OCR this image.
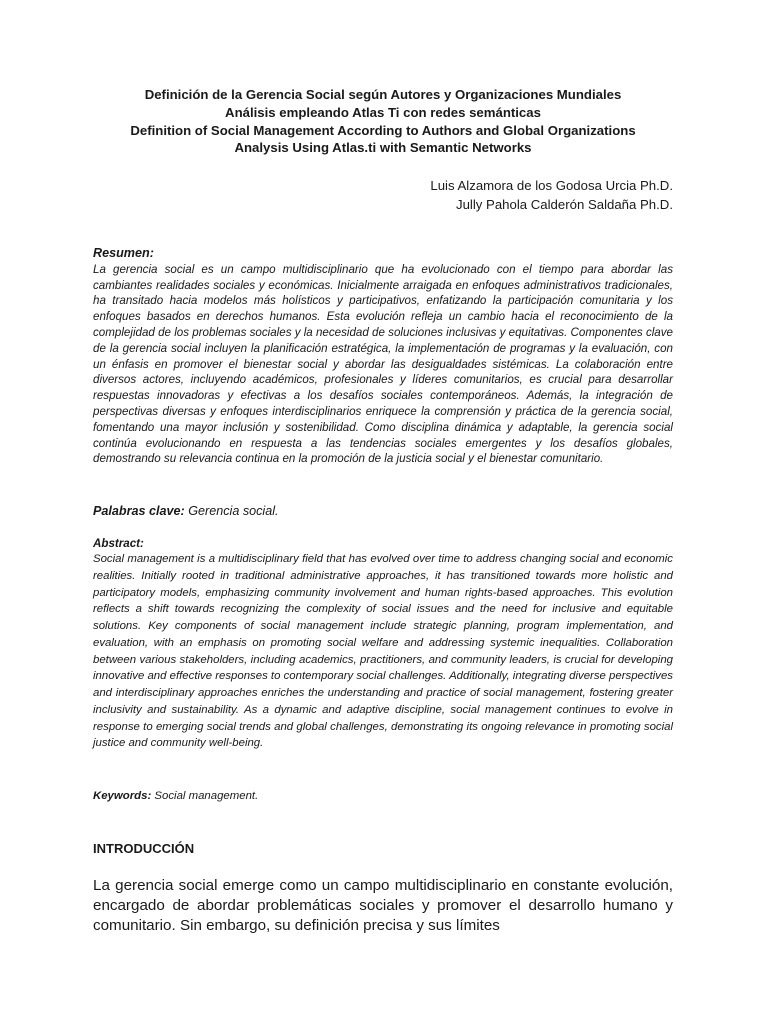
Definición de la Gerencia Social según Autores y Organizaciones Mundiales
Análisis empleando Atlas Ti con redes semánticas
Definition of Social Management According to Authors and Global Organizations
Analysis Using Atlas.ti with Semantic Networks
Luis Alzamora de los Godosa Urcia Ph.D.
Jully Pahola Calderón Saldaña Ph.D.
Resumen:

La gerencia social es un campo multidisciplinario que ha evolucionado con el tiempo para abordar las cambiantes realidades sociales y económicas. Inicialmente arraigada en enfoques administrativos tradicionales, ha transitado hacia modelos más holísticos y participativos, enfatizando la participación comunitaria y los enfoques basados en derechos humanos. Esta evolución refleja un cambio hacia el reconocimiento de la complejidad de los problemas sociales y la necesidad de soluciones inclusivas y equitativas. Componentes clave de la gerencia social incluyen la planificación estratégica, la implementación de programas y la evaluación, con un énfasis en promover el bienestar social y abordar las desigualdades sistémicas. La colaboración entre diversos actores, incluyendo académicos, profesionales y líderes comunitarios, es crucial para desarrollar respuestas innovadoras y efectivas a los desafíos sociales contemporáneos. Además, la integración de perspectivas diversas y enfoques interdisciplinarios enriquece la comprensión y práctica de la gerencia social, fomentando una mayor inclusión y sostenibilidad. Como disciplina dinámica y adaptable, la gerencia social continúa evolucionando en respuesta a las tendencias sociales emergentes y los desafíos globales, demostrando su relevancia continua en la promoción de la justicia social y el bienestar comunitario.

Palabras clave: Gerencia social.
Abstract:

Social management is a multidisciplinary field that has evolved over time to address changing social and economic realities. Initially rooted in traditional administrative approaches, it has transitioned towards more holistic and participatory models, emphasizing community involvement and human rights-based approaches. This evolution reflects a shift towards recognizing the complexity of social issues and the need for inclusive and equitable solutions. Key components of social management include strategic planning, program implementation, and evaluation, with an emphasis on promoting social welfare and addressing systemic inequalities. Collaboration between various stakeholders, including academics, practitioners, and community leaders, is crucial for developing innovative and effective responses to contemporary social challenges. Additionally, integrating diverse perspectives and interdisciplinary approaches enriches the understanding and practice of social management, fostering greater inclusivity and sustainability. As a dynamic and adaptive discipline, social management continues to evolve in response to emerging social trends and global challenges, demonstrating its ongoing relevance in promoting social justice and community well-being.

Keywords: Social management.
INTRODUCCIÓN

La gerencia social emerge como un campo multidisciplinario en constante evolución, encargado de abordar problemáticas sociales y promover el desarrollo humano y comunitario. Sin embargo, su definición precisa y sus límites
